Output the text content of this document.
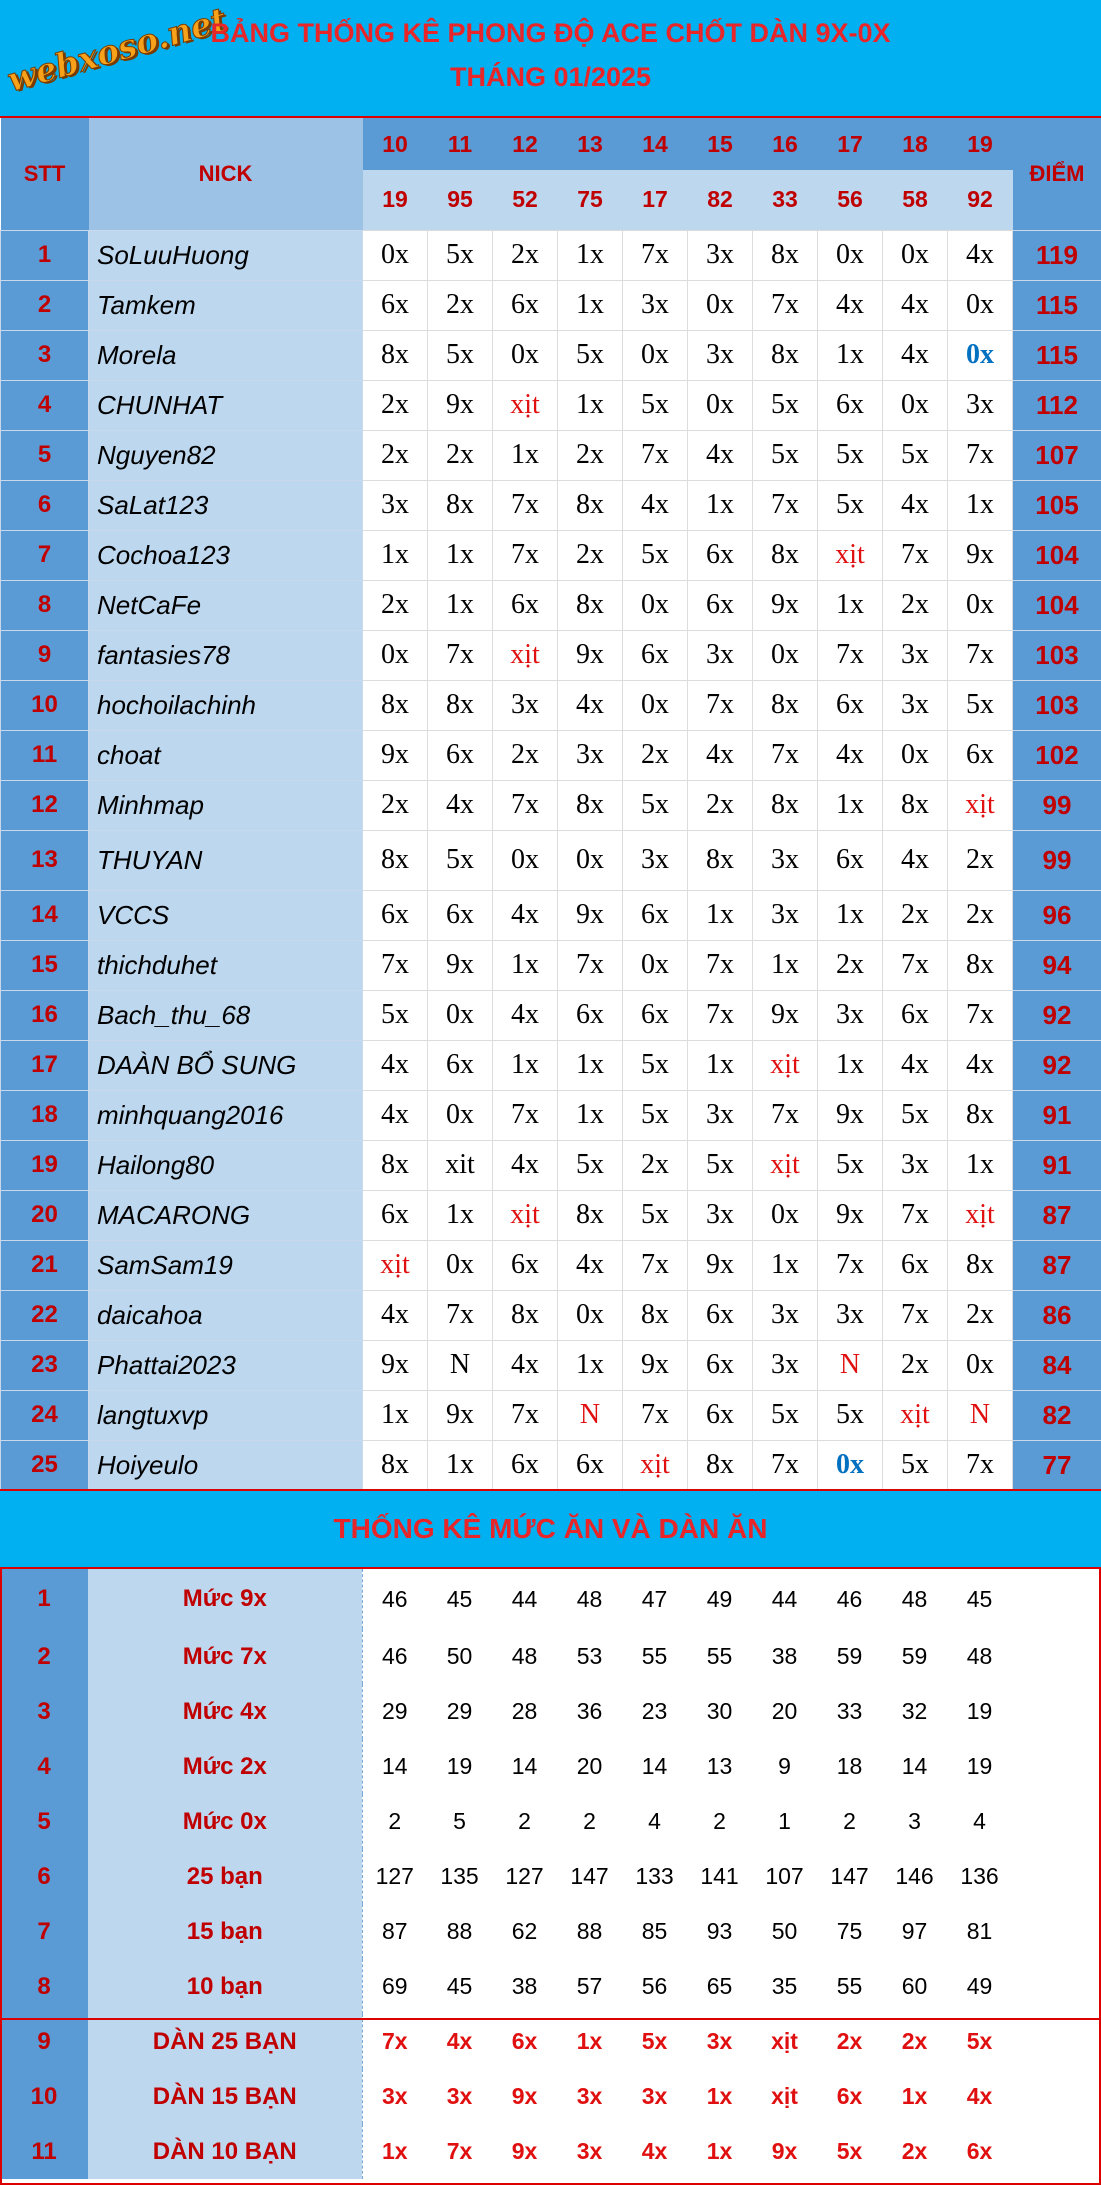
webxoso.net
BẢNG THỐNG KÊ PHONG ĐỘ ACE CHỐT DÀN 9X-0X
THÁNG 01/2025
STT	NICK	10	11	12	13	14	15	16	17	18	19	ĐIỂM
		19	95	52	75	17	82	33	56	58	92	
1	SoLuuHuong	0x	5x	2x	1x	7x	3x	8x	0x	0x	4x	119
2	Tamkem	6x	2x	6x	1x	3x	0x	7x	4x	4x	0x	115
3	Morela	8x	5x	0x	5x	0x	3x	8x	1x	4x	0x	115
4	CHUNHAT	2x	9x	xịt	1x	5x	0x	5x	6x	0x	3x	112
5	Nguyen82	2x	2x	1x	2x	7x	4x	5x	5x	5x	7x	107
6	SaLat123	3x	8x	7x	8x	4x	1x	7x	5x	4x	1x	105
7	Cochoa123	1x	1x	7x	2x	5x	6x	8x	xịt	7x	9x	104
8	NetCaFe	2x	1x	6x	8x	0x	6x	9x	1x	2x	0x	104
9	fantasies78	0x	7x	xịt	9x	6x	3x	0x	7x	3x	7x	103
10	hochoilachinh	8x	8x	3x	4x	0x	7x	8x	6x	3x	5x	103
11	choat	9x	6x	2x	3x	2x	4x	7x	4x	0x	6x	102
12	Minhmap	2x	4x	7x	8x	5x	2x	8x	1x	8x	xịt	99
13	THUYAN	8x	5x	0x	0x	3x	8x	3x	6x	4x	2x	99
14	VCCS	6x	6x	4x	9x	6x	1x	3x	1x	2x	2x	96
15	thichduhet	7x	9x	1x	7x	0x	7x	1x	2x	7x	8x	94
16	Bach_thu_68	5x	0x	4x	6x	6x	7x	9x	3x	6x	7x	92
17	DAÀN BỔ SUNG	4x	6x	1x	1x	5x	1x	xịt	1x	4x	4x	92
18	minhquang2016	4x	0x	7x	1x	5x	3x	7x	9x	5x	8x	91
19	Hailong80	8x	xit	4x	5x	2x	5x	xịt	5x	3x	1x	91
20	MACARONG	6x	1x	xịt	8x	5x	3x	0x	9x	7x	xịt	87
21	SamSam19	xịt	0x	6x	4x	7x	9x	1x	7x	6x	8x	87
22	daicahoa	4x	7x	8x	0x	8x	6x	3x	3x	7x	2x	86
23	Phattai2023	9x	N	4x	1x	9x	6x	3x	N	2x	0x	84
24	langtuxvp	1x	9x	7x	N	7x	6x	5x	5x	xịt	N	82
25	Hoiyeulo	8x	1x	6x	6x	xịt	8x	7x	0x	5x	7x	77
THỐNG KÊ MỨC ĂN VÀ DÀN ĂN
1	Mức 9x	46	45	44	48	47	49	44	46	48	45	
2	Mức 7x	46	50	48	53	55	55	38	59	59	48	
3	Mức 4x	29	29	28	36	23	30	20	33	32	19	
4	Mức 2x	14	19	14	20	14	13	9	18	14	19	
5	Mức 0x	2	5	2	2	4	2	1	2	3	4	
6	25 bạn	127	135	127	147	133	141	107	147	146	136	
7	15 bạn	87	88	62	88	85	93	50	75	97	81	
8	10 bạn	69	45	38	57	56	65	35	55	60	49	
9	DÀN 25 BẠN	7x	4x	6x	1x	5x	3x	xịt	2x	2x	5x	
10	DÀN 15 BẠN	3x	3x	9x	3x	3x	1x	xịt	6x	1x	4x	
11	DÀN 10 BẠN	1x	7x	9x	3x	4x	1x	9x	5x	2x	6x	
